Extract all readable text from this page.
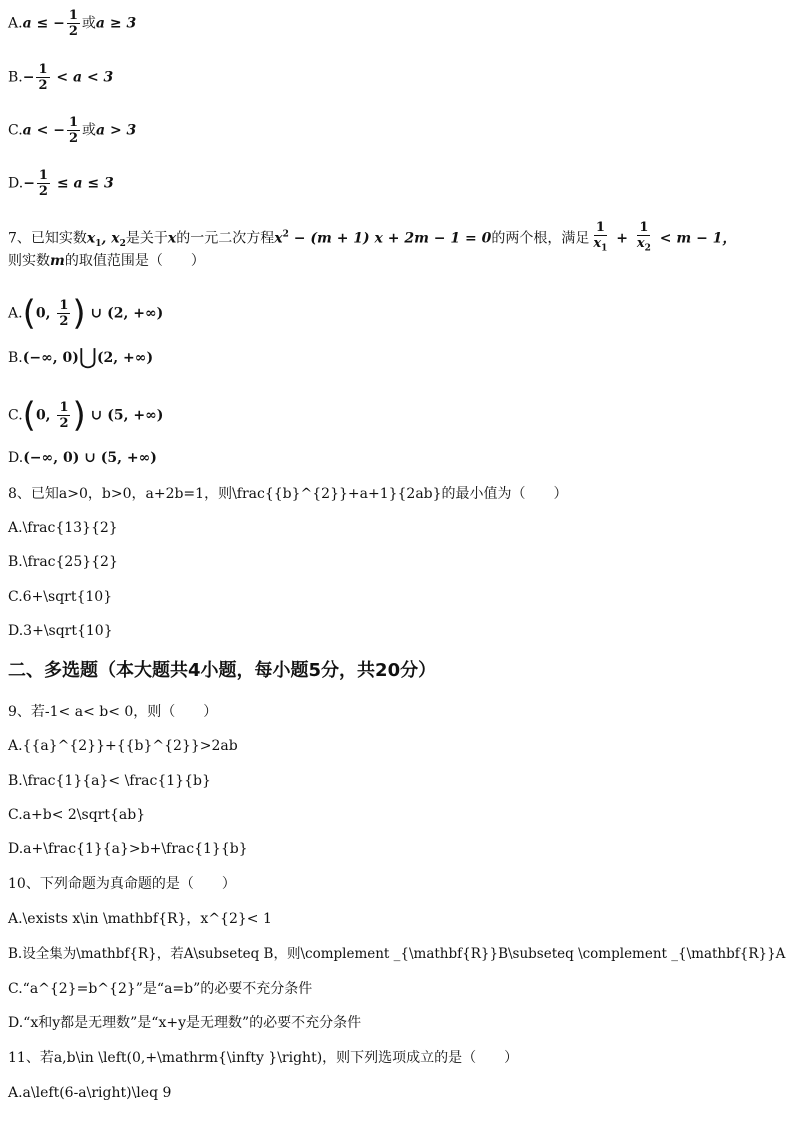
A.a ≤ − $\frac{1}{2}$ 或a ≥ 3
$B.- \frac{1}{2} < a < 3$
C.a < − $\frac{1}{2}$ 或a > 3
$D.- \frac{1}{2} \le a \le 3$
7、已知实数$x_1$, $x_2$是关于x的一元二次方程$x^2 - (m + 1) x + 2m - 1 = 0$的两个根，满足 $\frac{1}{x_1} + \frac{1}{x_2} < m - 1$，
则实数m的取值范围是（　　）
A.(0, $\frac{1}{2}$ ) ∪ (2, +∞)
B.(−∞, 0)⋃(2, +∞)
C.(0, $\frac{1}{2}$ ) ∪ (5, +∞)
D.(−∞, 0) ∪ (5, +∞)
8、已知a>0，b>0，a+2b=1，则\frac{{b}^{2}}+a+1}{2ab}的最小值为（　　）
A.\frac{13}{2}
B.\frac{25}{2}
C.6+\sqrt{10}
D.3+\sqrt{10}
二、多选题（本大题共4小题，每小题5分，共20分）
9、若-1< a< b< 0，则（　　）
A.{{a}^{2}}+{{b}^{2}}>2ab
B.\frac{1}{a}< \frac{1}{b}
C.a+b< 2\sqrt{ab}
D.a+\frac{1}{a}>b+\frac{1}{b}
10、下列命题为真命题的是（　　）
A.\exists x\in \mathbf{R}，x^{2}< 1
B.设全集为\mathbf{R}，若A\subseteq B，则\complement _{\mathbf{R}}B\subseteq \complement _{\mathbf{R}}A
C.“a^{2}=b^{2}”是“a=b”的必要不充分条件
D.“x和y都是无理数”是“x+y是无理数”的必要不充分条件
11、若a,b\in \left(0,+\mathrm{\infty }\right)，则下列选项成立的是（　　）
A.a\left(6-a\right)\leq 9
